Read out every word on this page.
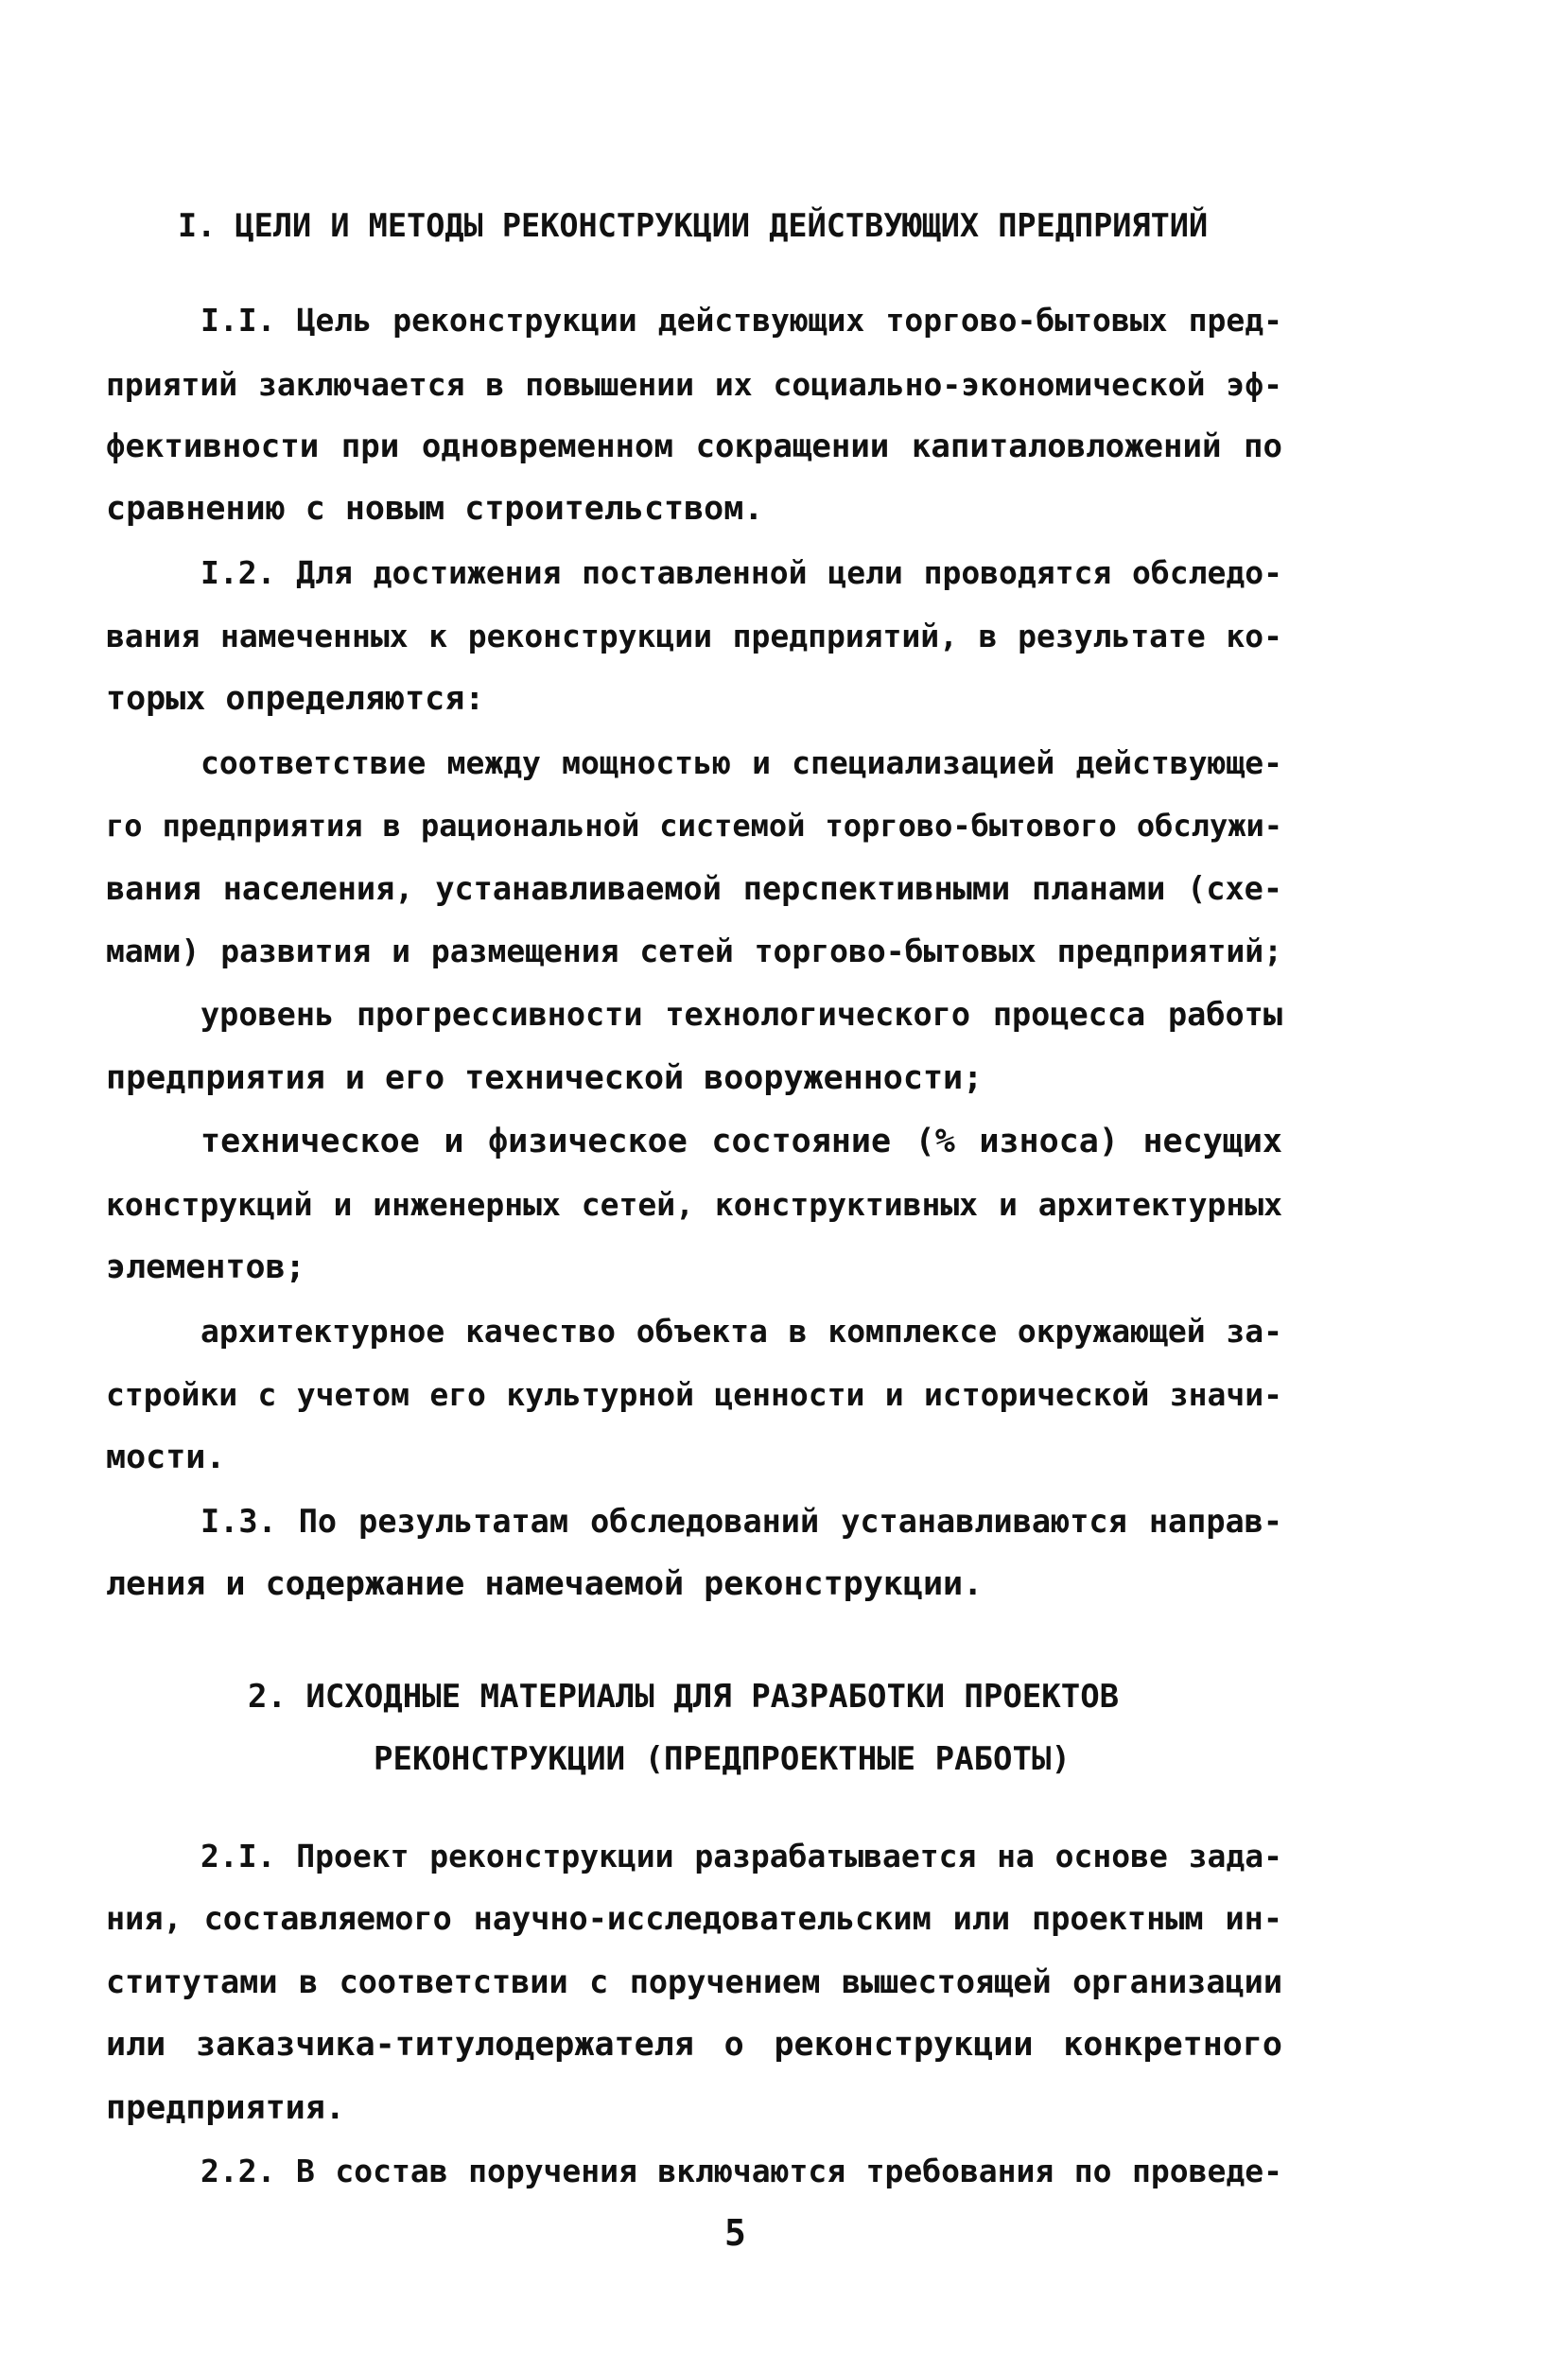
I. ЦЕЛИ И МЕТОДЫ РЕКОНСТРУКЦИИ ДЕЙСТВУЮЩИХ ПРЕДПРИЯТИЙ
I.I. Цель реконструкции действующих торгово-бытовых пред-
приятий заключается в повышении их социально-экономической эф-
фективности при одновременном сокращении капиталовложений по
сравнению с новым строительством.
I.2. Для достижения поставленной цели проводятся обследо-
вания намеченных к реконструкции предприятий, в результате ко-
торых определяются:
соответствие между мощностью и специализацией действующе-
го предприятия в рациональной системой торгово-бытового обслужи-
вания населения, устанавливаемой перспективными планами (схе-
мами) развития и размещения сетей торгово-бытовых предприятий;
уровень прогрессивности технологического процесса работы
предприятия и его технической вооруженности;
техническое и физическое состояние (% износа) несущих
конструкций и инженерных сетей, конструктивных и архитектурных
элементов;
архитектурное качество объекта в комплексе окружающей за-
стройки с учетом его культурной ценности и исторической значи-
мости.
I.3. По результатам обследований устанавливаются направ-
ления и содержание намечаемой реконструкции.
2. ИСХОДНЫЕ МАТЕРИАЛЫ ДЛЯ РАЗРАБОТКИ ПРОЕКТОВ
РЕКОНСТРУКЦИИ (ПРЕДПРОЕКТНЫЕ РАБОТЫ)
2.I. Проект реконструкции разрабатывается на основе зада-
ния, составляемого научно-исследовательским или проектным ин-
ститутами в соответствии с поручением вышестоящей организации
или заказчика-титулодержателя о реконструкции конкретного
предприятия.
2.2. В состав поручения включаются требования по проведе-
5
